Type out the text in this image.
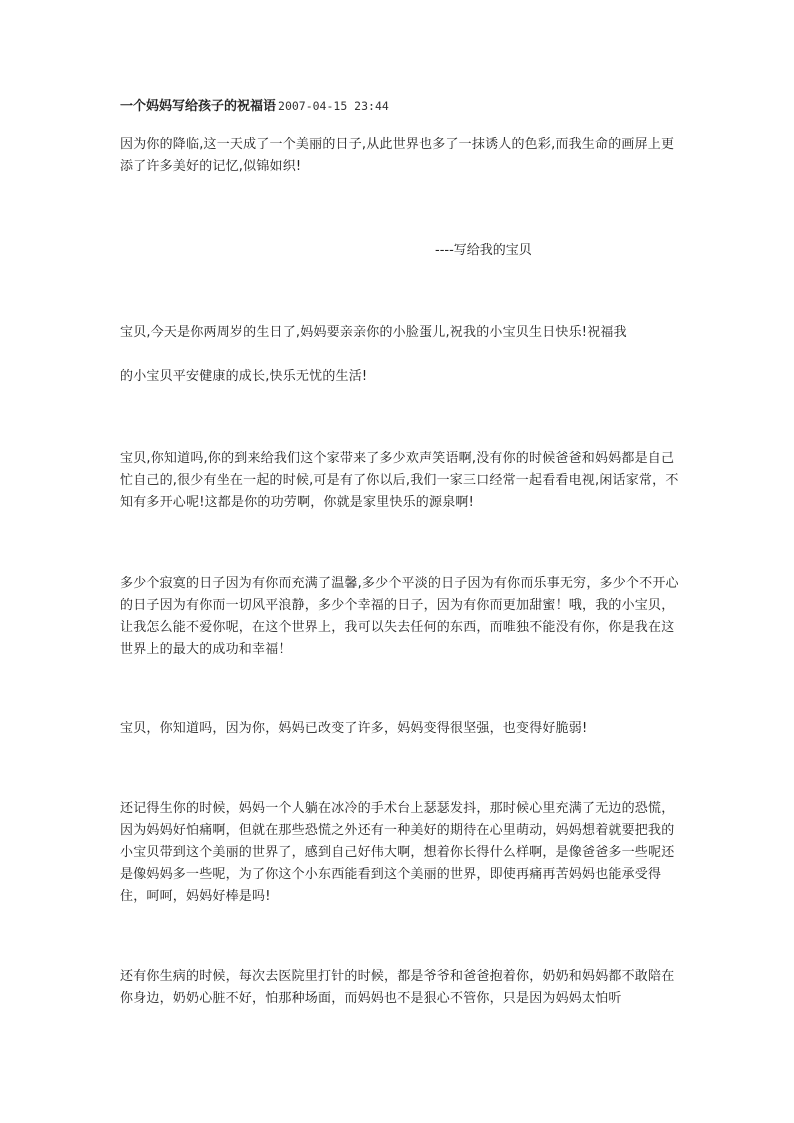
一个妈妈写给孩子的祝福语 2007-04-15 23:44
因为你的降临,这一天成了一个美丽的日子,从此世界也多了一抹诱人的色彩,而我生命的画屏上更添了许多美好的记忆,似锦如织!
----写给我的宝贝
宝贝,今天是你两周岁的生日了,妈妈要亲亲你的小脸蛋儿,祝我的小宝贝生日快乐!祝福我
的小宝贝平安健康的成长,快乐无忧的生活!
宝贝,你知道吗,你的到来给我们这个家带来了多少欢声笑语啊,没有你的时候爸爸和妈妈都是自己忙自己的,很少有坐在一起的时候,可是有了你以后,我们一家三口经常一起看看电视,闲话家常，不知有多开心呢!这都是你的功劳啊，你就是家里快乐的源泉啊!
多少个寂寞的日子因为有你而充满了温馨,多少个平淡的日子因为有你而乐事无穷，多少个不开心的日子因为有你而一切风平浪静，多少个幸福的日子，因为有你而更加甜蜜！哦，我的小宝贝，让我怎么能不爱你呢，在这个世界上，我可以失去任何的东西，而唯独不能没有你，你是我在这世界上的最大的成功和幸福！
宝贝，你知道吗，因为你，妈妈已改变了许多，妈妈变得很坚强，也变得好脆弱!
还记得生你的时候，妈妈一个人躺在冰冷的手术台上瑟瑟发抖，那时候心里充满了无边的恐慌，因为妈妈好怕痛啊，但就在那些恐慌之外还有一种美好的期待在心里萌动，妈妈想着就要把我的小宝贝带到这个美丽的世界了，感到自己好伟大啊，想着你长得什么样啊，是像爸爸多一些呢还是像妈妈多一些呢，为了你这个小东西能看到这个美丽的世界，即使再痛再苦妈妈也能承受得住，呵呵，妈妈好棒是吗!
还有你生病的时候，每次去医院里打针的时候，都是爷爷和爸爸抱着你，奶奶和妈妈都不敢陪在你身边，奶奶心脏不好，怕那种场面，而妈妈也不是狠心不管你，只是因为妈妈太怕听
